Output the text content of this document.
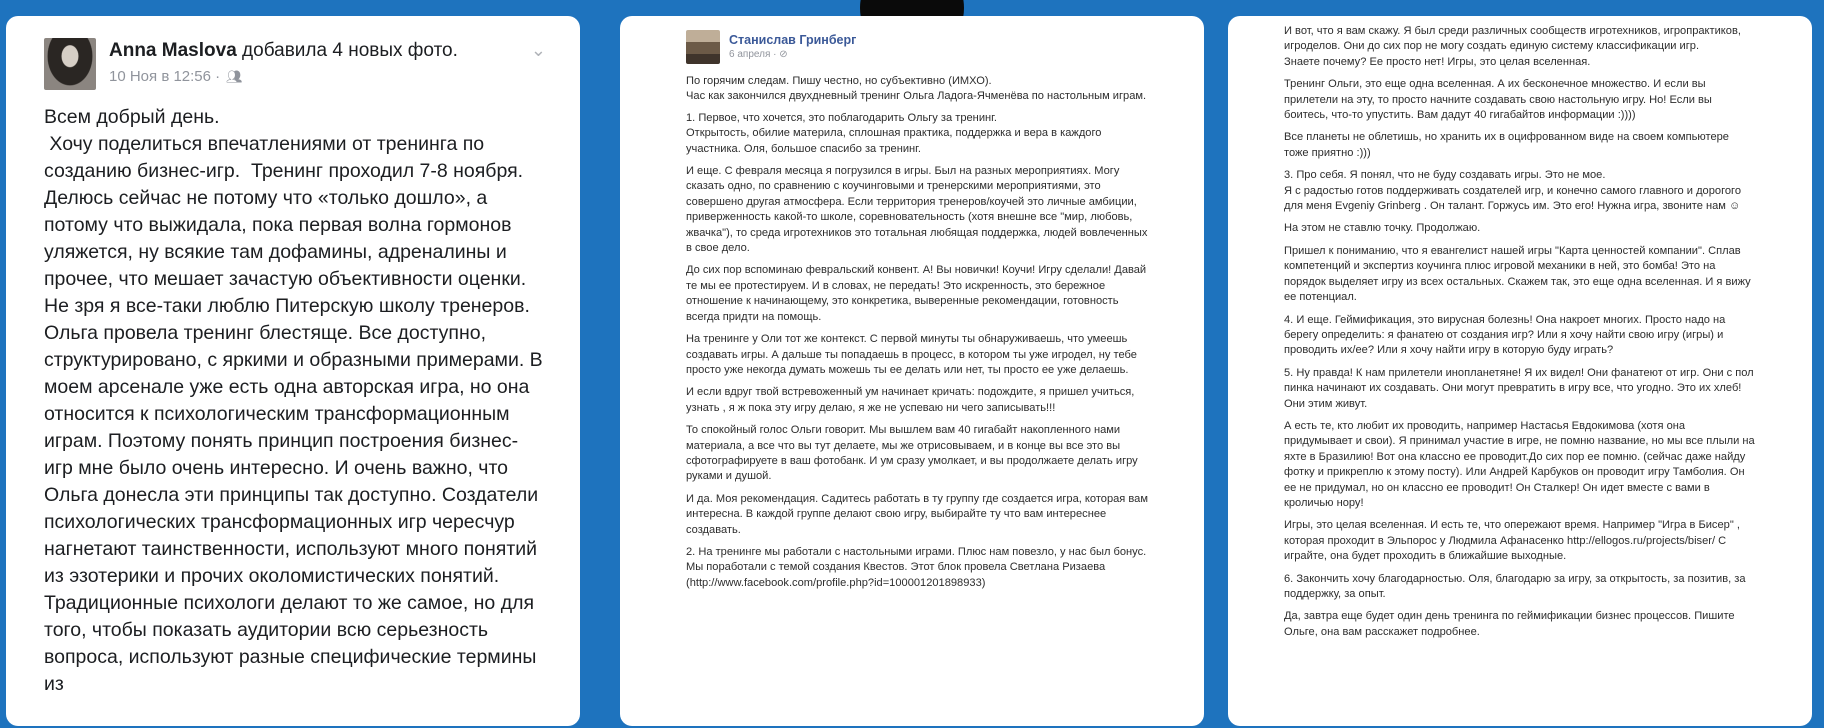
Anna Maslova добавила 4 новых фото.
10 Ноя в 12:56 · 👥︎
⌄

Всем добрый день.
Хочу поделиться впечатлениями от тренинга по созданию бизнес-игр.  Тренинг проходил 7-8 ноября. Делюсь сейчас не потому что «только дошло», а потому что выжидала, пока первая волна гормонов уляжется, ну всякие там дофамины, адреналины и прочее, что мешает зачастую объективности оценки.
Не зря я все-таки люблю Питерскую школу тренеров. Ольга провела тренинг блестяще. Все доступно, структурировано, с яркими и образными примерами. В моем арсенале уже есть одна авторская игра, но она относится к психологическим трансформационным играм. Поэтому понять принцип построения бизнес-игр мне было очень интересно. И очень важно, что Ольга донесла эти принципы так доступно. Создатели психологических трансформационных игр чересчур нагнетают таинственности, используют много понятий из эзотерики и прочих околомистических понятий. Традиционные психологи делают то же самое, но для того, чтобы показать аудитории всю серьезность вопроса, используют разные специфические термины из

Станислав Гринберг
6 апреля · ⊘

По горячим следам. Пишу честно, но субъективно (ИМХО).
Час как закончился двухдневный тренинг Ольга Ладога-Ячменёва по настольным играм.

1. Первое, что хочется, это поблагодарить Ольгу за тренинг.
Открытость, обилие материла, сплошная практика, поддержка и вера в каждого участника. Оля, большое спасибо за тренинг.

И еще. С февраля месяца я погрузился в игры. Был на разных мероприятиях. Могу сказать одно, по сравнению с коучинговыми и тренерскими мероприятиями, это совершено другая атмосфера. Если территория тренеров/коучей это личные амбиции, приверженность какой-то школе, соревновательность (хотя внешне все "мир, любовь, жвачка"), то среда игротехников это тотальная любящая поддержка, людей вовлеченных в свое дело.

До сих пор вспоминаю февральский конвент. А! Вы новички! Коучи! Игру сделали! Давай те мы ее протестируем. И в словах, не передать! Это искренность, это бережное отношение к начинающему, это конкретика, выверенные рекомендации, готовность всегда придти на помощь.

На тренинге у Оли тот же контекст. С первой минуты ты обнаруживаешь, что умеешь создавать игры. А дальше ты попадаешь в процесс, в котором ты уже игродел, ну тебе просто уже некогда думать можешь ты ее делать или нет, ты просто ее уже делаешь.

И если вдруг твой встревоженный ум начинает кричать: подождите, я пришел учиться, узнать , я ж пока эту игру делаю, я же не успеваю ни чего записывать!!!

То спокойный голос Ольги говорит. Мы вышлем вам 40 гигабайт накопленного нами материала, а все что вы тут делаете, мы же отрисовываем, и в конце вы все это вы сфотографируете в ваш фотобанк. И ум сразу умолкает, и вы продолжаете делать игру руками и душой.

И да. Моя рекомендация. Садитесь работать в ту группу где создается игра, которая вам интересна. В каждой группе делают свою игру, выбирайте ту что вам интереснее создавать.

2. На тренинге мы работали с настольными играми. Плюс нам повезло, у нас был бонус. Мы поработали с темой создания Квестов. Этот блок провела Светлана Ризаева (http://www.facebook.com/profile.php?id=100001201898933)

И вот, что я вам скажу. Я был среди различных сообществ игротехников, игропрактиков, игроделов. Они до сих пор не могу создать единую систему классификации игр.
Знаете почему? Ее просто нет! Игры, это целая вселенная.

Тренинг Ольги, это еще одна вселенная. А их бесконечное множество. И если вы прилетели на эту, то просто начните создавать свою настольную игру. Но! Если вы боитесь, что-то упустить. Вам дадут 40 гигабайтов информации :))))

Все планеты не облетишь, но хранить их в оцифрованном виде на своем компьютере тоже приятно :)))

3. Про себя. Я понял, что не буду создавать игры. Это не мое.
Я с радостью готов поддерживать создателей игр, и конечно самого главного и дорогого для меня Evgeniy Grinberg . Он талант. Горжусь им. Это его! Нужна игра, звоните нам ☺

На этом не ставлю точку. Продолжаю.

Пришел к пониманию, что я евангелист нашей игры "Карта ценностей компании". Сплав компетенций и экспертиз коучинга плюс игровой механики в ней, это бомба! Это на порядок выделяет игру из всех остальных. Скажем так, это еще одна вселенная. И я вижу ее потенциал.

4. И еще. Геймификация, это вирусная болезнь! Она накроет многих. Просто надо на берегу определить: я фанатею от создания игр? Или я хочу найти свою игру (игры) и проводить их/ее? Или я хочу найти игру в которую буду играть?

5. Ну правда! К нам прилетели инопланетяне! Я их видел! Они фанатеют от игр. Они с пол пинка начинают их создавать. Они могут превратить в игру все, что угодно. Это их хлеб! Они этим живут.

А есть те, кто любит их проводить, например Настасья Евдокимова (хотя она придумывает и свои). Я принимал участие в игре, не помню название, но мы все плыли на яхте в Бразилию! Вот она классно ее проводит.До сих пор ее помню. (сейчас даже найду фотку и прикреплю к этому посту). Или Андрей Карбуков он проводит игру Тамболия. Он ее не придумал, но он классно ее проводит! Он Сталкер! Он идет вместе с вами в кроличью нору!

Игры, это целая вселенная. И есть те, что опережают время. Например "Игра в Бисер" , которая проходит в Эльпорос у Людмила Афанасенко http://ellogos.ru/projects/biser/ С играйте, она будет проходить в ближайшие выходные.

6. Закончить хочу благодарностью. Оля, благодарю за игру, за открытость, за позитив, за поддержку, за опыт.

Да, завтра еще будет один день тренинга по геймификации бизнес процессов. Пишите Ольге, она вам расскажет подробнее.
